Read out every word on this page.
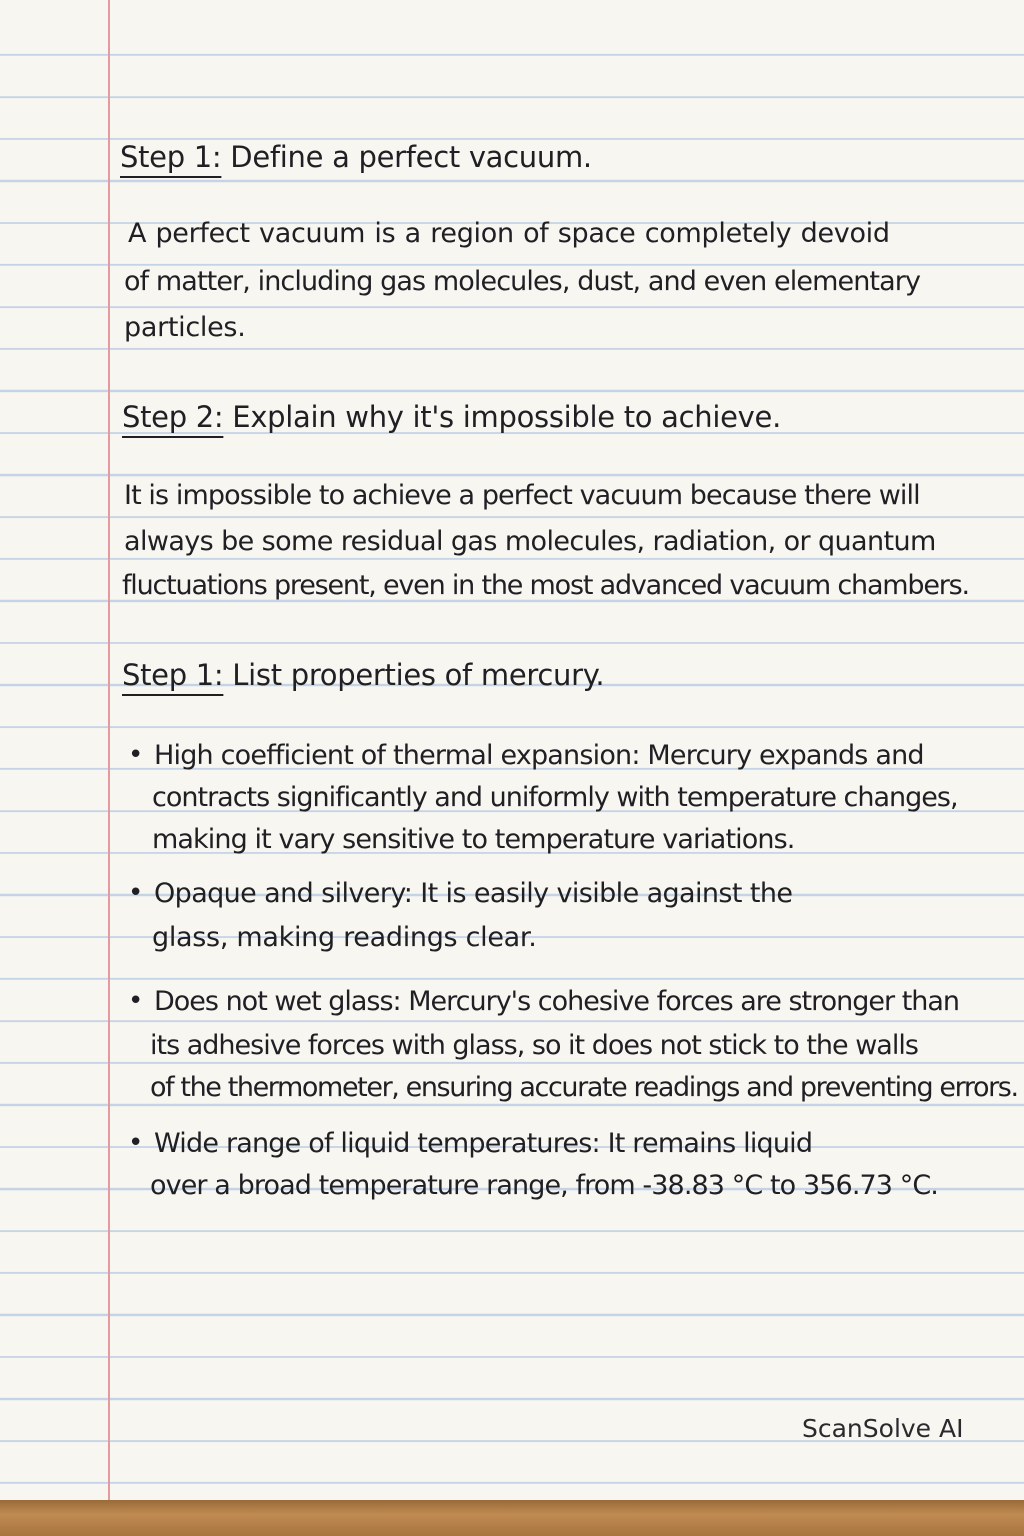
Step 1: Define a perfect vacuum.

A perfect vacuum is a region of space completely devoid

of matter, including gas molecules, dust, and even elementary

particles.

Step 2: Explain why it's impossible to achieve.

It is impossible to achieve a perfect vacuum because there will

always be some residual gas molecules, radiation, or quantum

fluctuations present, even in the most advanced vacuum chambers.

Step 1: List properties of mercury.

• High coefficient of thermal expansion: Mercury expands and

contracts significantly and uniformly with temperature changes,

making it vary sensitive to temperature variations.

• Opaque and silvery: It is easily visible against the

glass, making readings clear.

• Does not wet glass: Mercury's cohesive forces are stronger than

its adhesive forces with glass, so it does not stick to the walls

of the thermometer, ensuring accurate readings and preventing errors.

• Wide range of liquid temperatures: It remains liquid

over a broad temperature range, from -38.83 °C to 356.73 °C.

ScanSolve AI
